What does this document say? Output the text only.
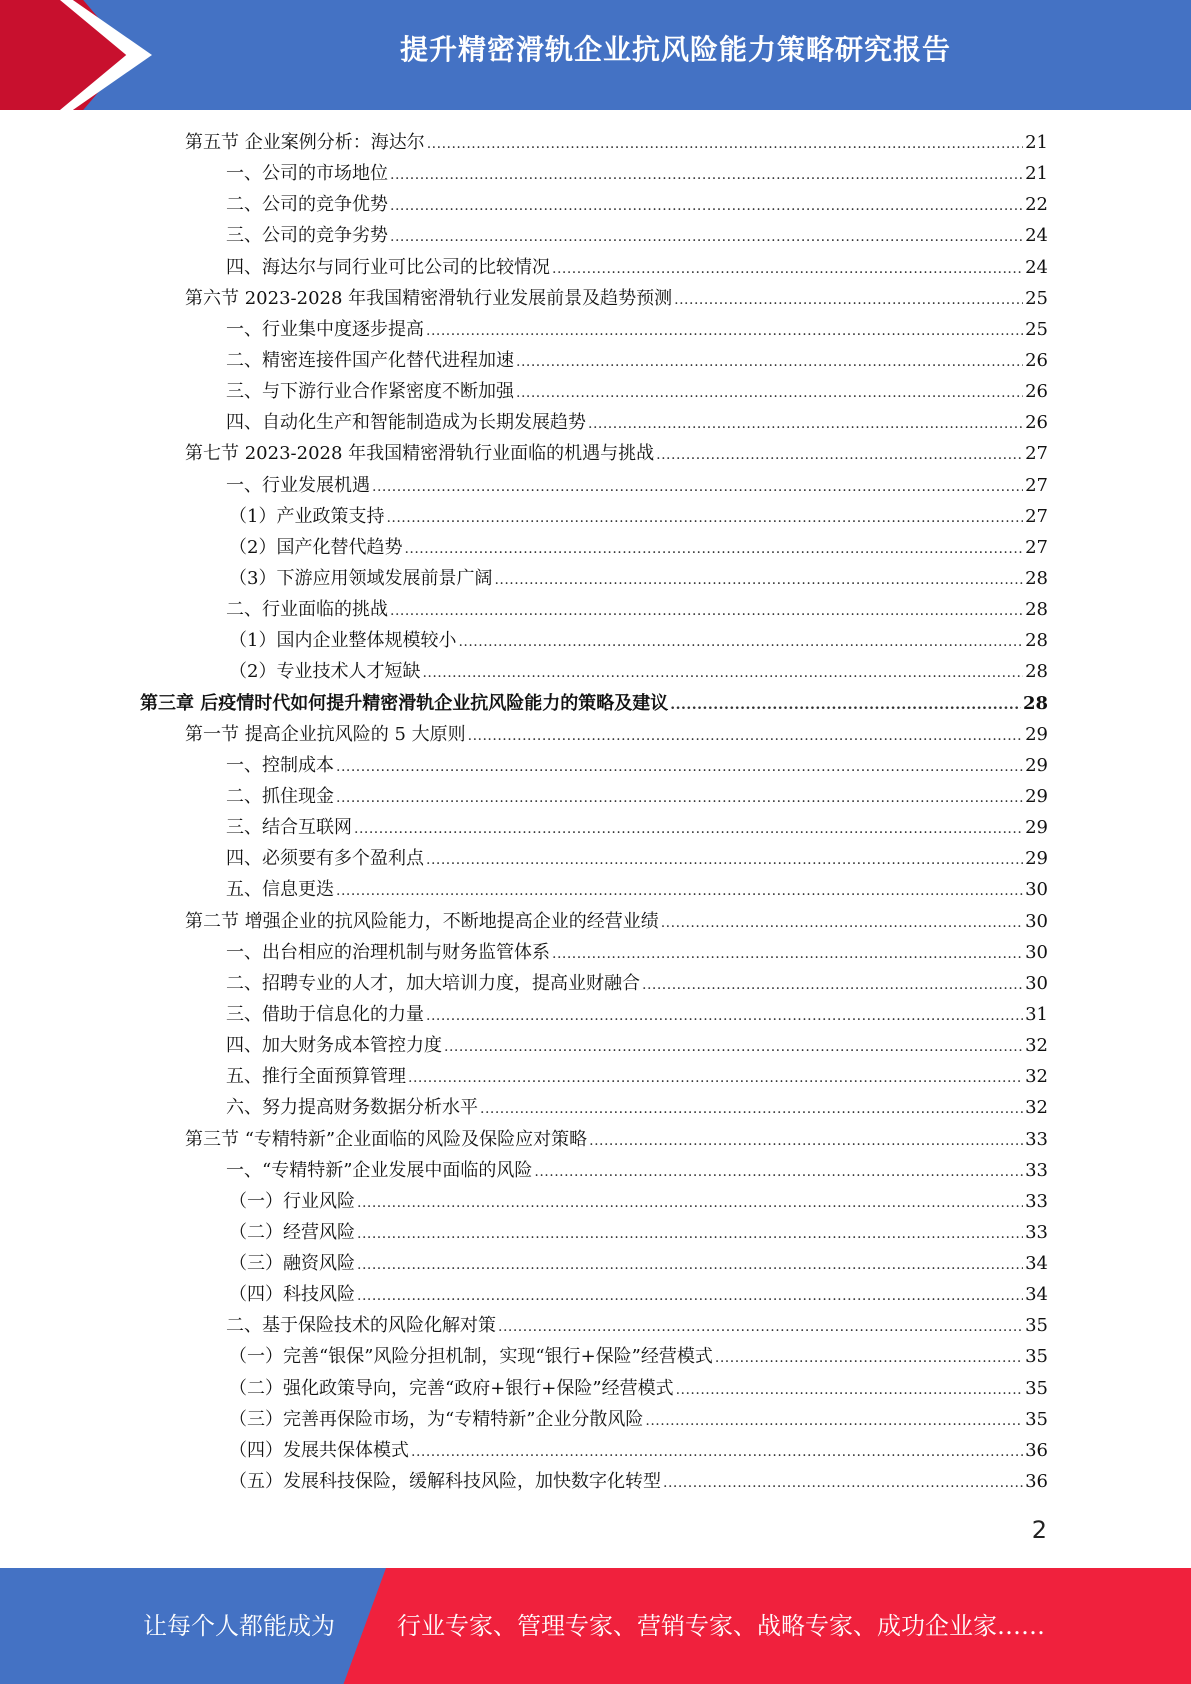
提升精密滑轨企业抗风险能力策略研究报告
第五节 企业案例分析：海达尔 .....	21
一、公司的市场地位 .....	21
二、公司的竞争优势 .....	22
三、公司的竞争劣势 .....	24
四、海达尔与同行业可比公司的比较情况 .....	24
第六节 2023-2028 年我国精密滑轨行业发展前景及趋势预测 .....	25
一、行业集中度逐步提高 .....	25
二、精密连接件国产化替代进程加速 .....	26
三、与下游行业合作紧密度不断加强 .....	26
四、自动化生产和智能制造成为长期发展趋势 .....	26
第七节 2023-2028 年我国精密滑轨行业面临的机遇与挑战 .....	27
一、行业发展机遇 .....	27
（1）产业政策支持 .....	27
（2）国产化替代趋势 .....	27
（3）下游应用领域发展前景广阔 .....	28
二、行业面临的挑战 .....	28
（1）国内企业整体规模较小 .....	28
（2）专业技术人才短缺 .....	28
第三章 后疫情时代如何提升精密滑轨企业抗风险能力的策略及建议 .....	28
第一节 提高企业抗风险的 5 大原则 .....	29
一、控制成本 .....	29
二、抓住现金 .....	29
三、结合互联网 .....	29
四、必须要有多个盈利点 .....	29
五、信息更迭 .....	30
第二节 增强企业的抗风险能力，不断地提高企业的经营业绩 .....	30
一、出台相应的治理机制与财务监管体系 .....	30
二、招聘专业的人才，加大培训力度，提高业财融合 .....	30
三、借助于信息化的力量 .....	31
四、加大财务成本管控力度 .....	32
五、推行全面预算管理 .....	32
六、努力提高财务数据分析水平 .....	32
第三节 “专精特新”企业面临的风险及保险应对策略 .....	33
一、“专精特新”企业发展中面临的风险 .....	33
（一）行业风险 .....	33
（二）经营风险 .....	33
（三）融资风险 .....	34
（四）科技风险 .....	34
二、基于保险技术的风险化解对策 .....	35
（一）完善“银保”风险分担机制，实现“银行+保险”经营模式 .....	35
（二）强化政策导向，完善“政府+银行+保险”经营模式 .....	35
（三）完善再保险市场，为“专精特新”企业分散风险 .....	35
（四）发展共保体模式 .....	36
（五）发展科技保险，缓解科技风险，加快数字化转型 .....	36
2
让每个人都能成为	行业专家、管理专家、营销专家、战略专家、成功企业家……
